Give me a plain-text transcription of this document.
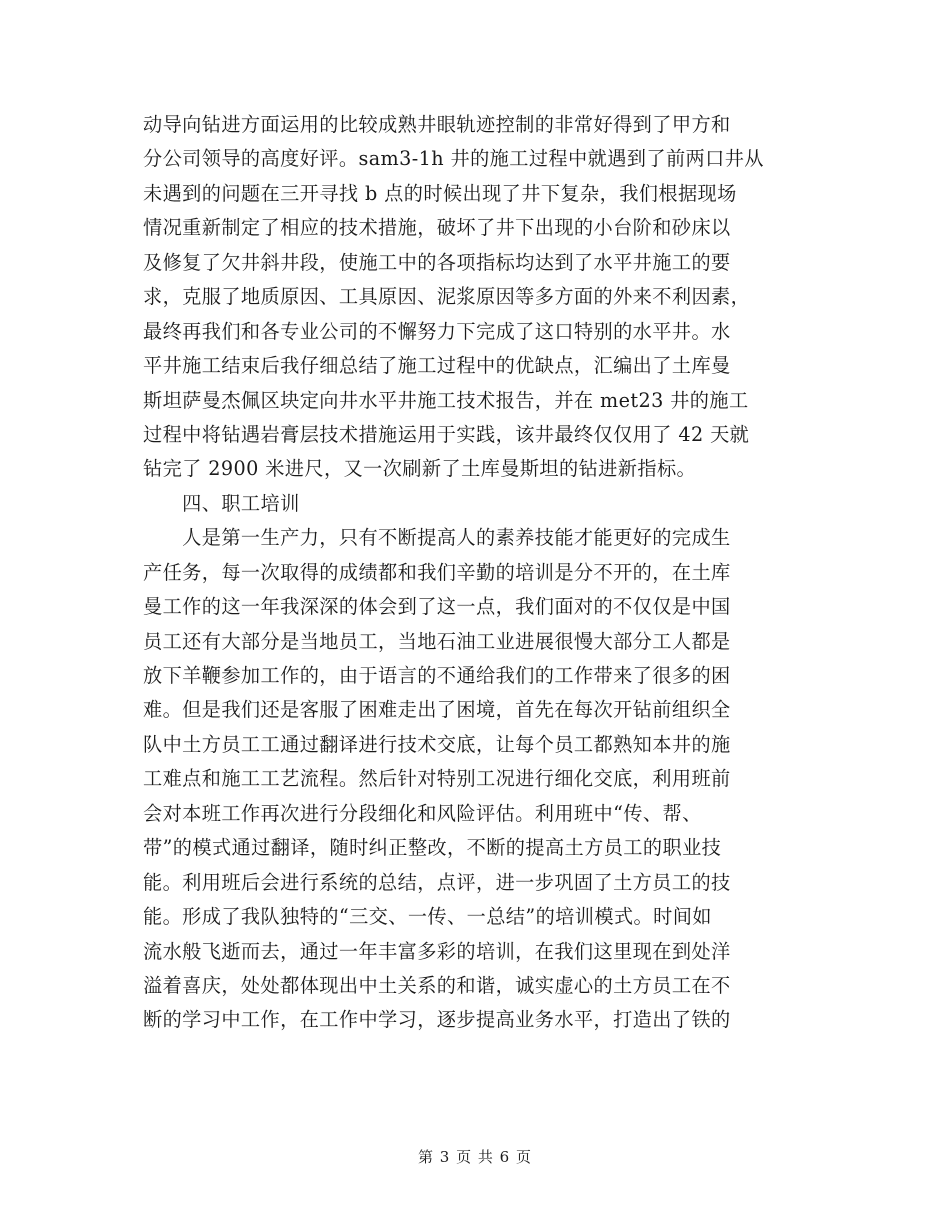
动导向钻进方面运用的比较成熟井眼轨迹控制的非常好得到了甲方和
分公司领导的高度好评。sam3-1h 井的施工过程中就遇到了前两口井从
未遇到的问题在三开寻找 b 点的时候出现了井下复杂，我们根据现场
情况重新制定了相应的技术措施，破坏了井下出现的小台阶和砂床以
及修复了欠井斜井段，使施工中的各项指标均达到了水平井施工的要
求，克服了地质原因、工具原因、泥浆原因等多方面的外来不利因素，
最终再我们和各专业公司的不懈努力下完成了这口特别的水平井。水
平井施工结束后我仔细总结了施工过程中的优缺点，汇编出了土库曼
斯坦萨曼杰佩区块定向井水平井施工技术报告，并在 met23 井的施工
过程中将钻遇岩膏层技术措施运用于实践，该井最终仅仅用了 42 天就
钻完了 2900 米进尺，又一次刷新了土库曼斯坦的钻进新指标。
　　四、职工培训
　　人是第一生产力，只有不断提高人的素养技能才能更好的完成生
产任务，每一次取得的成绩都和我们辛勤的培训是分不开的，在土库
曼工作的这一年我深深的体会到了这一点，我们面对的不仅仅是中国
员工还有大部分是当地员工，当地石油工业进展很慢大部分工人都是
放下羊鞭参加工作的，由于语言的不通给我们的工作带来了很多的困
难。但是我们还是客服了困难走出了困境，首先在每次开钻前组织全
队中土方员工工通过翻译进行技术交底，让每个员工都熟知本井的施
工难点和施工工艺流程。然后针对特别工况进行细化交底，利用班前
会对本班工作再次进行分段细化和风险评估。利用班中“传、帮、
带”的模式通过翻译，随时纠正整改，不断的提高土方员工的职业技
能。利用班后会进行系统的总结，点评，进一步巩固了土方员工的技
能。形成了我队独特的“三交、一传、一总结”的培训模式。时间如
流水般飞逝而去，通过一年丰富多彩的培训，在我们这里现在到处洋
溢着喜庆，处处都体现出中土关系的和谐，诚实虚心的土方员工在不
断的学习中工作，在工作中学习，逐步提高业务水平，打造出了铁的
第 3 页 共 6 页
